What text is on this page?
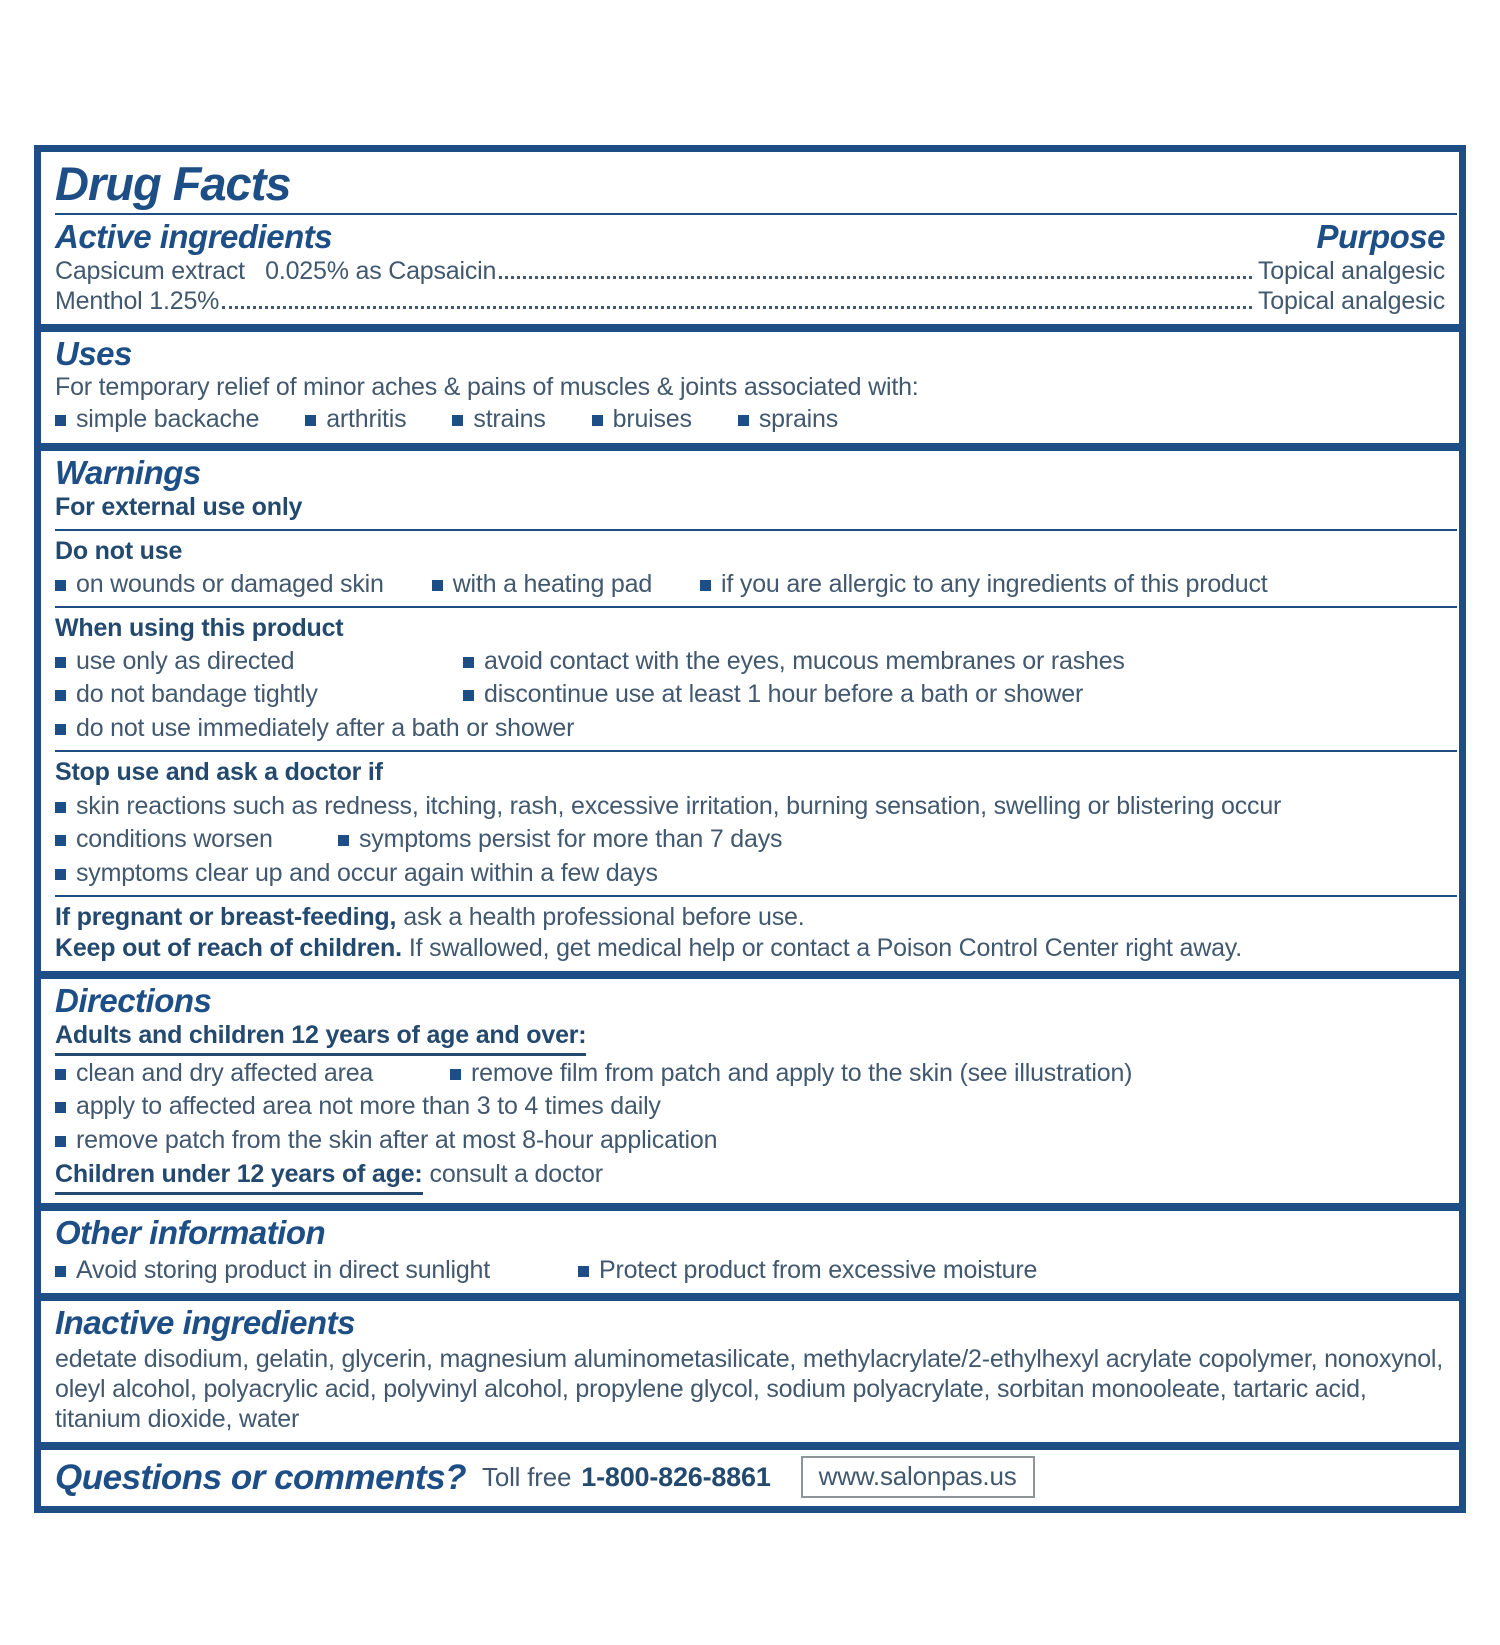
Drug Facts
Active ingredients	Purpose
Capsicum extract   0.025% as Capsaicin	Topical analgesic
Menthol 1.25%	Topical analgesic
Uses
For temporary relief of minor aches & pains of muscles & joints associated with:
simple backache	arthritis	strains	bruises	sprains
Warnings
For external use only
Do not use
on wounds or damaged skin	with a heating pad	if you are allergic to any ingredients of this product
When using this product
use only as directed	avoid contact with the eyes, mucous membranes or rashes
do not bandage tightly	discontinue use at least 1 hour before a bath or shower
do not use immediately after a bath or shower
Stop use and ask a doctor if
skin reactions such as redness, itching, rash, excessive irritation, burning sensation, swelling or blistering occur
conditions worsen	symptoms persist for more than 7 days
symptoms clear up and occur again within a few days
If pregnant or breast-feeding, ask a health professional before use.
Keep out of reach of children. If swallowed, get medical help or contact a Poison Control Center right away.
Directions
Adults and children 12 years of age and over:
clean and dry affected area	remove film from patch and apply to the skin (see illustration)
apply to affected area not more than 3 to 4 times daily
remove patch from the skin after at most 8-hour application
Children under 12 years of age: consult a doctor
Other information
Avoid storing product in direct sunlight	Protect product from excessive moisture
Inactive ingredients
edetate disodium, gelatin, glycerin, magnesium aluminometasilicate, methylacrylate/2-ethylhexyl acrylate copolymer, nonoxynol, oleyl alcohol, polyacrylic acid, polyvinyl alcohol, propylene glycol, sodium polyacrylate, sorbitan monooleate, tartaric acid, titanium dioxide, water
Questions or comments? Toll free 1-800-826-8861	www.salonpas.us
